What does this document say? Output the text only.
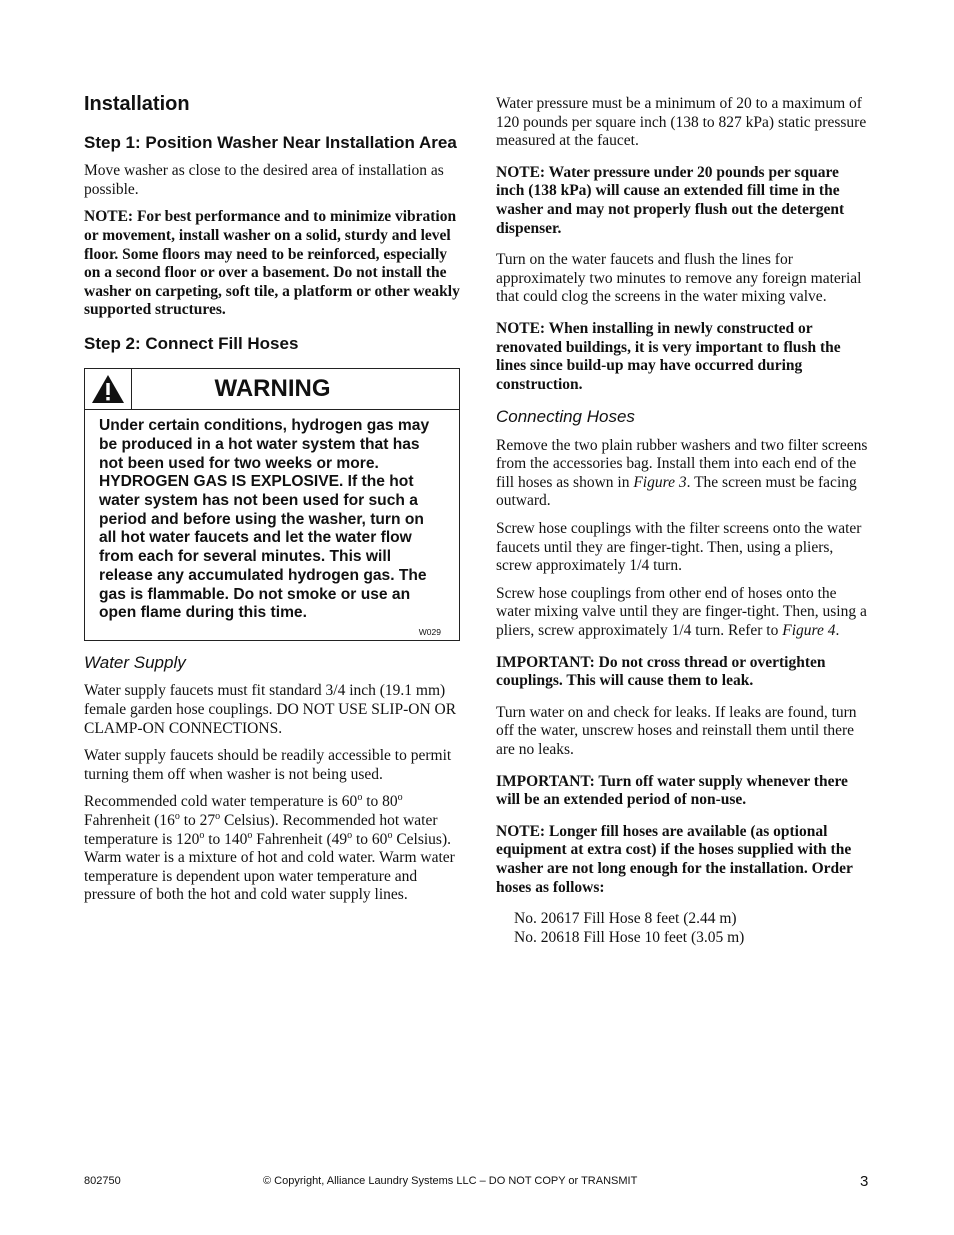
Installation
Step 1: Position Washer Near Installation Area

Move washer as close to the desired area of installation as possible.

NOTE: For best performance and to minimize vibration or movement, install washer on a solid, sturdy and level floor. Some floors may need to be reinforced, especially on a second floor or over a basement. Do not install the washer on carpeting, soft tile, a platform or other weakly supported structures.

Step 2: Connect Fill Hoses
WARNING
Under certain conditions, hydrogen gas may be produced in a hot water system that has not been used for two weeks or more. HYDROGEN GAS IS EXPLOSIVE. If the hot water system has not been used for such a period and before using the washer, turn on all hot water faucets and let the water flow from each for several minutes. This will release any accumulated hydrogen gas. The gas is flammable. Do not smoke or use an open flame during this time.
W029
Water Supply

Water supply faucets must fit standard 3/4 inch (19.1 mm) female garden hose couplings. DO NOT USE SLIP-ON OR CLAMP-ON CONNECTIONS.

Water supply faucets should be readily accessible to permit turning them off when washer is not being used.

Recommended cold water temperature is 60$^o$ to 80$^o$ Fahrenheit (16$^o$ to 27$^o$ Celsius). Recommended hot water temperature is 120$^o$ to 140$^o$ Fahrenheit (49$^o$ to 60$^o$ Celsius). Warm water is a mixture of hot and cold water. Warm water temperature is dependent upon water temperature and pressure of both the hot and cold water supply lines.

Water pressure must be a minimum of 20 to a maximum of 120 pounds per square inch (138 to 827 kPa) static pressure measured at the faucet.

NOTE: Water pressure under 20 pounds per square inch (138 kPa) will cause an extended fill time in the washer and may not properly flush out the detergent dispenser.

Turn on the water faucets and flush the lines for approximately two minutes to remove any foreign material that could clog the screens in the water mixing valve.

NOTE: When installing in newly constructed or renovated buildings, it is very important to flush the lines since build-up may have occurred during construction.

Connecting Hoses

Remove the two plain rubber washers and two filter screens from the accessories bag. Install them into each end of the fill hoses as shown in Figure 3. The screen must be facing outward.

Screw hose couplings with the filter screens onto the water faucets until they are finger-tight. Then, using a pliers, screw approximately 1/4 turn.

Screw hose couplings from other end of hoses onto the water mixing valve until they are finger-tight. Then, using a pliers, screw approximately 1/4 turn. Refer to Figure 4.

IMPORTANT: Do not cross thread or overtighten couplings. This will cause them to leak.

Turn water on and check for leaks. If leaks are found, turn off the water, unscrew hoses and reinstall them until there are no leaks.

IMPORTANT: Turn off water supply whenever there will be an extended period of non-use.

NOTE: Longer fill hoses are available (as optional equipment at extra cost) if the hoses supplied with the washer are not long enough for the installation. Order hoses as follows:

No. 20617 Fill Hose 8 feet (2.44 m)

No. 20618 Fill Hose 10 feet (3.05 m)

802750	© Copyright, Alliance Laundry Systems LLC – DO NOT COPY or TRANSMIT	3
